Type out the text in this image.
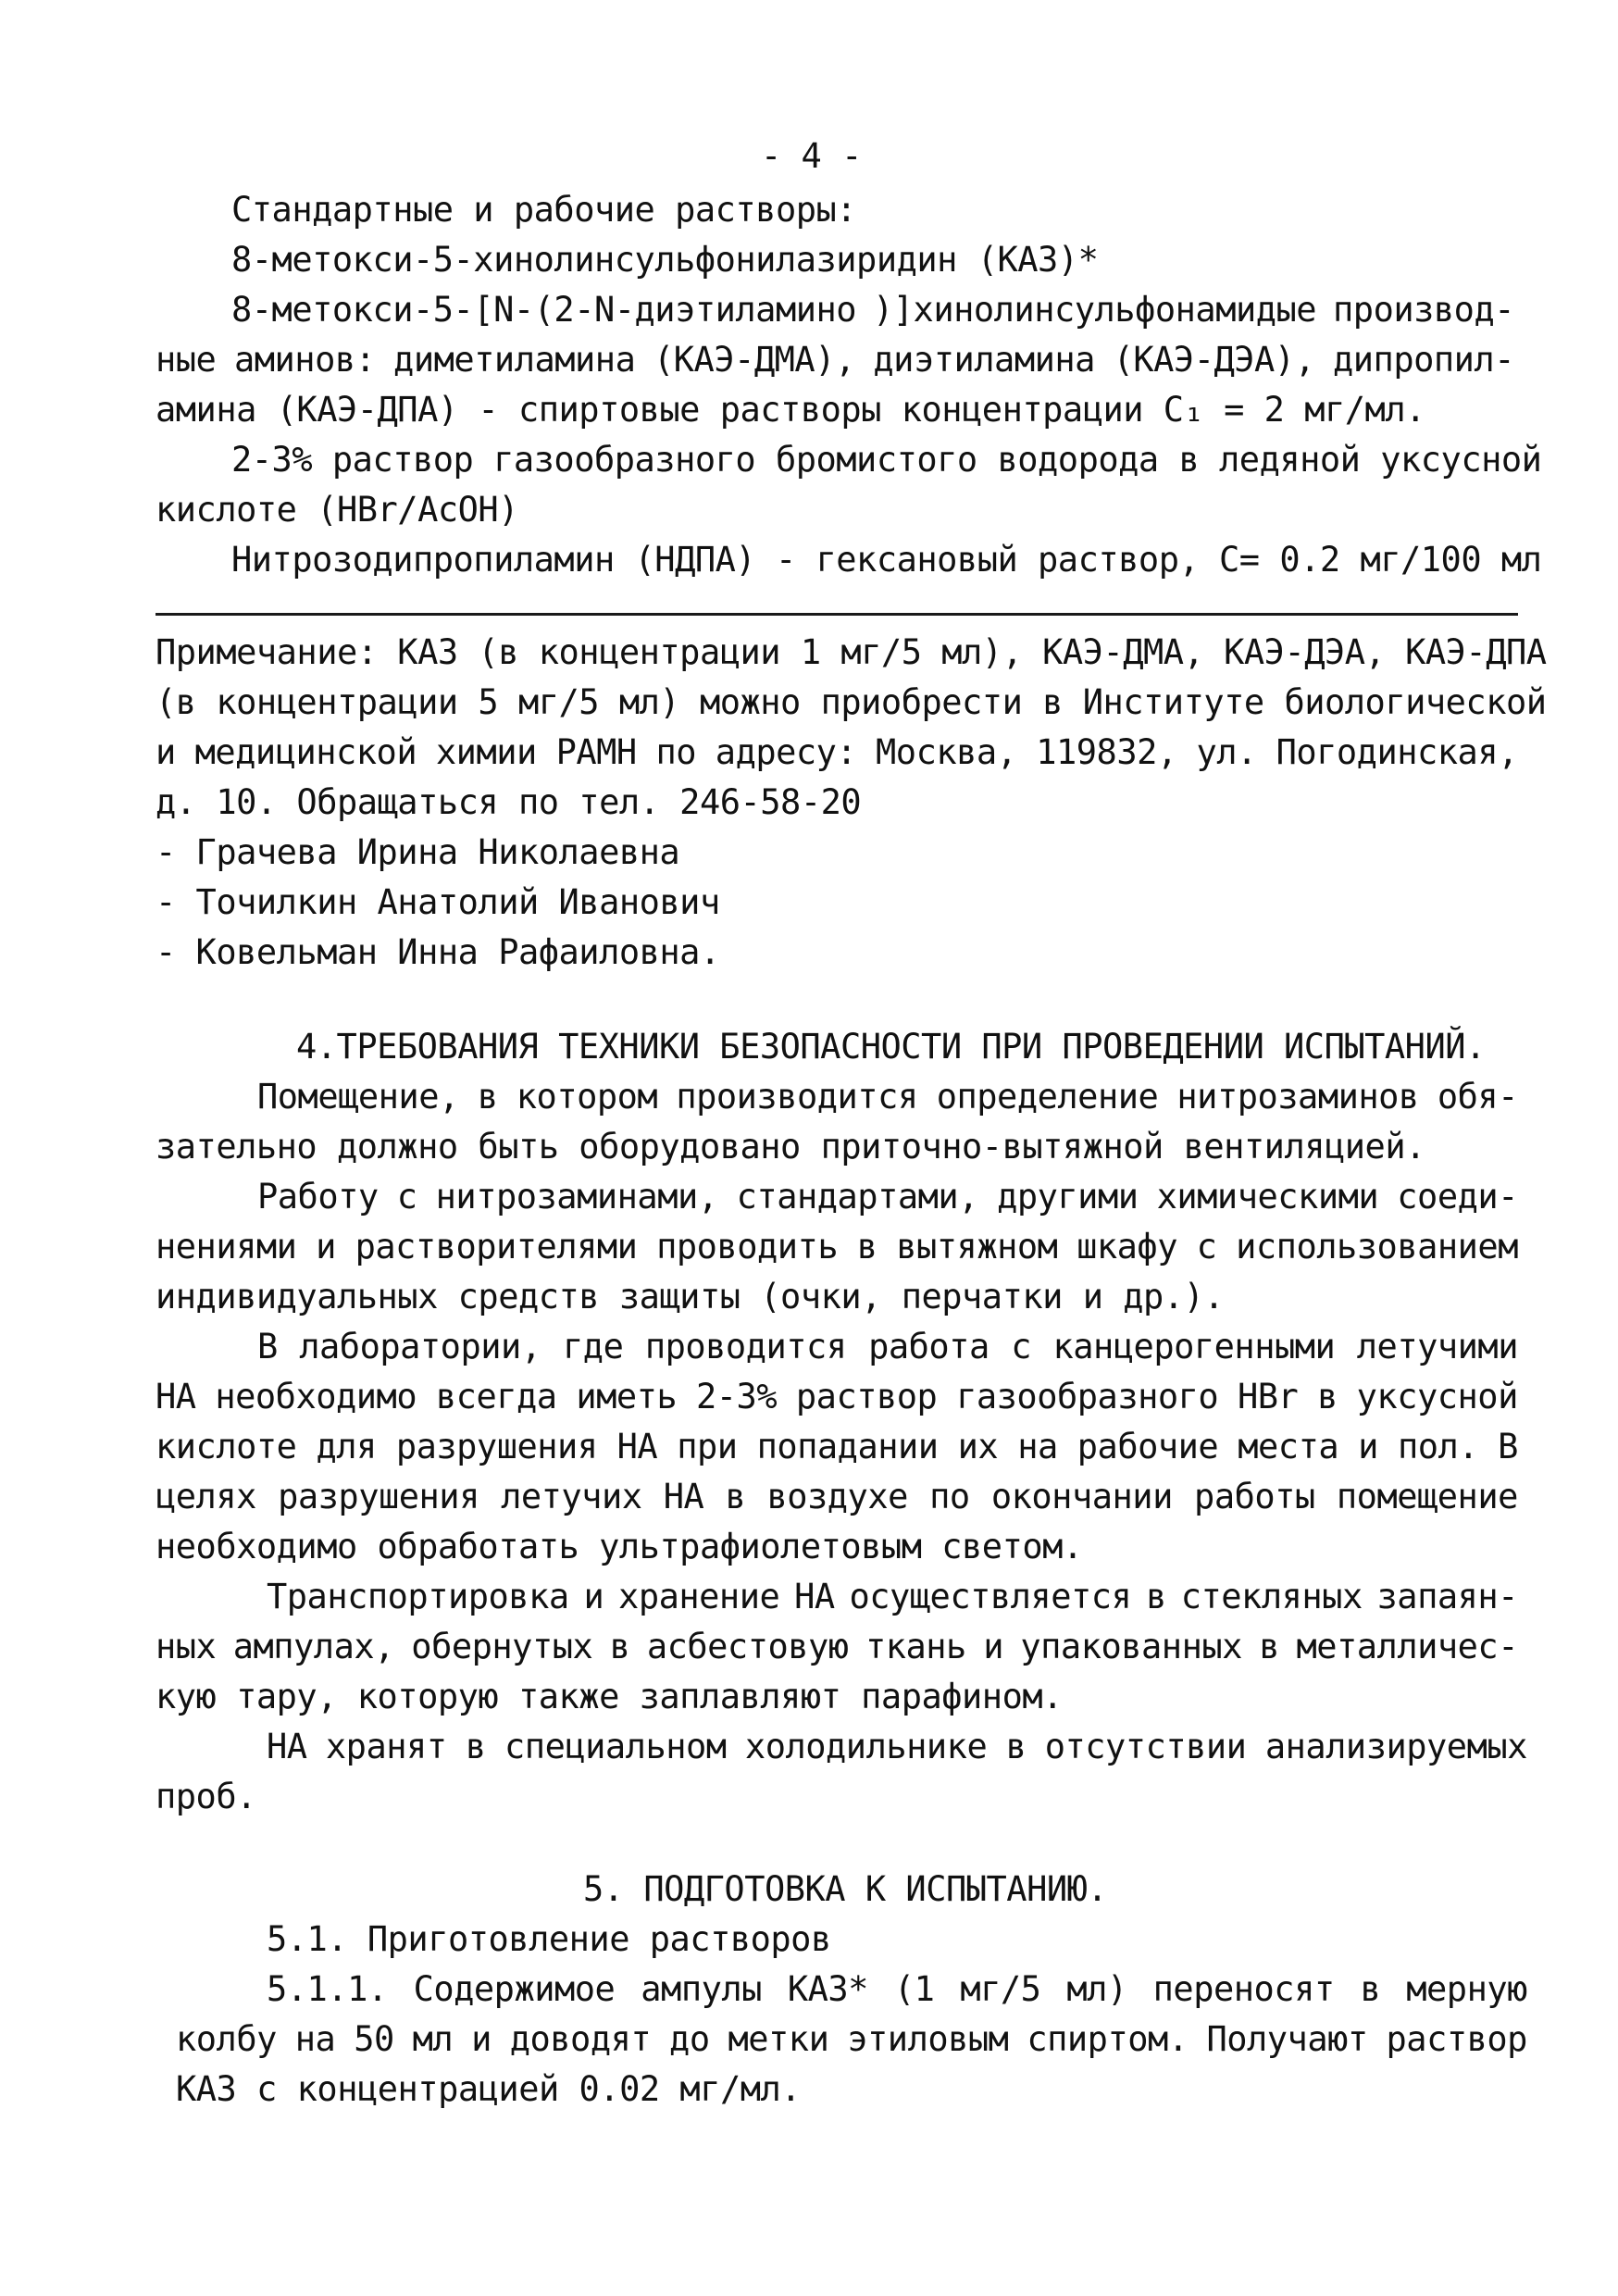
- 4 -
Стандартные и рабочие растворы:
8-метокси-5-хинолинсульфонилазиридин (КАЗ)*
8-метокси-5-[N-(2-N-диэтиламино )]хинолинсульфонамидые производ-
ные аминов: диметиламина (КАЭ-ДМА), диэтиламина (КАЭ-ДЭА), дипропил-
амина (КАЭ-ДПА) - спиртовые растворы концентрации C₁ = 2 мг/мл.
2-3% раствор газообразного бромистого водорода в ледяной уксусной
кислоте (HBr/AcOH)
Нитрозодипропиламин (НДПА) - гексановый раствор, C= 0.2 мг/100 мл
Примечание: КАЗ (в концентрации 1 мг/5 мл), КАЭ-ДМА, КАЭ-ДЭА, КАЭ-ДПА
(в концентрации 5 мг/5 мл) можно приобрести в Институте биологической
и медицинской химии РАМН по адресу: Москва, 119832, ул. Погодинская,
д. 10. Обращаться по тел. 246-58-20
- Грачева Ирина Николаевна
- Точилкин Анатолий Иванович
- Ковельман Инна Рафаиловна.
4.ТРЕБОВАНИЯ ТЕХНИКИ БЕЗОПАСНОСТИ ПРИ ПРОВЕДЕНИИ ИСПЫТАНИЙ.
Помещение, в котором производится определение нитрозаминов обя-
зательно должно быть оборудовано приточно-вытяжной вентиляцией.
Работу с нитрозаминами, стандартами, другими химическими соеди-
нениями и растворителями проводить в вытяжном шкафу с использованием
индивидуальных средств защиты (очки, перчатки и др.).
В лаборатории, где проводится работа с канцерогенными летучими
НА необходимо всегда иметь 2-3% раствор газообразного HBr в уксусной
кислоте для разрушения НА при попадании их на рабочие места и пол. В
целях разрушения летучих НА в воздухе по окончании работы помещение
необходимо обработать ультрафиолетовым светом.
Транспортировка и хранение НА осуществляется в стекляных запаян-
ных ампулах, обернутых в асбестовую ткань и упакованных в металличес-
кую тару, которую также заплавляют парафином.
НА хранят в специальном холодильнике в отсутствии анализируемых
проб.
5. ПОДГОТОВКА К ИСПЫТАНИЮ.
5.1. Приготовление растворов
5.1.1. Содержимое ампулы КАЗ* (1 мг/5 мл) переносят в мерную
колбу на 50 мл и доводят до метки этиловым спиртом. Получают раствор
КАЗ с концентрацией 0.02 мг/мл.
